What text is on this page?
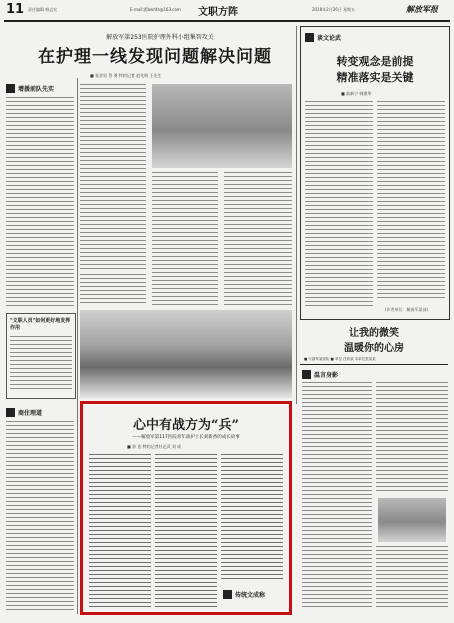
11 责任编辑 韩志宏	E-mail:jfjbwhfz@163.com 文职方阵	2018年2月26日 星期五	解放军报
解放军第253医院护理外科小组集智攻关
在护理一线发现问题解决问题
■ 张亚男 蔡 勇 特约记者 赵先明 王先生
增援前队先实
"文职人员"如何更好地发挥作用
商住理道
谈文论武
转变观念是前提
精准落实是关键
■ 高新宁 韩建华
(作者单位：解放军某部)
让我的微笑
温暖你的心房
■ 火箭军某部队 ■ 单位 任妍欢 本单位张某某
温言身影
心中有战方为“兵”
——解放军第117医院青年战护士长刘新香的成长故事
■ 余 达 特约记者杜必武 刘 成
传统文成称
